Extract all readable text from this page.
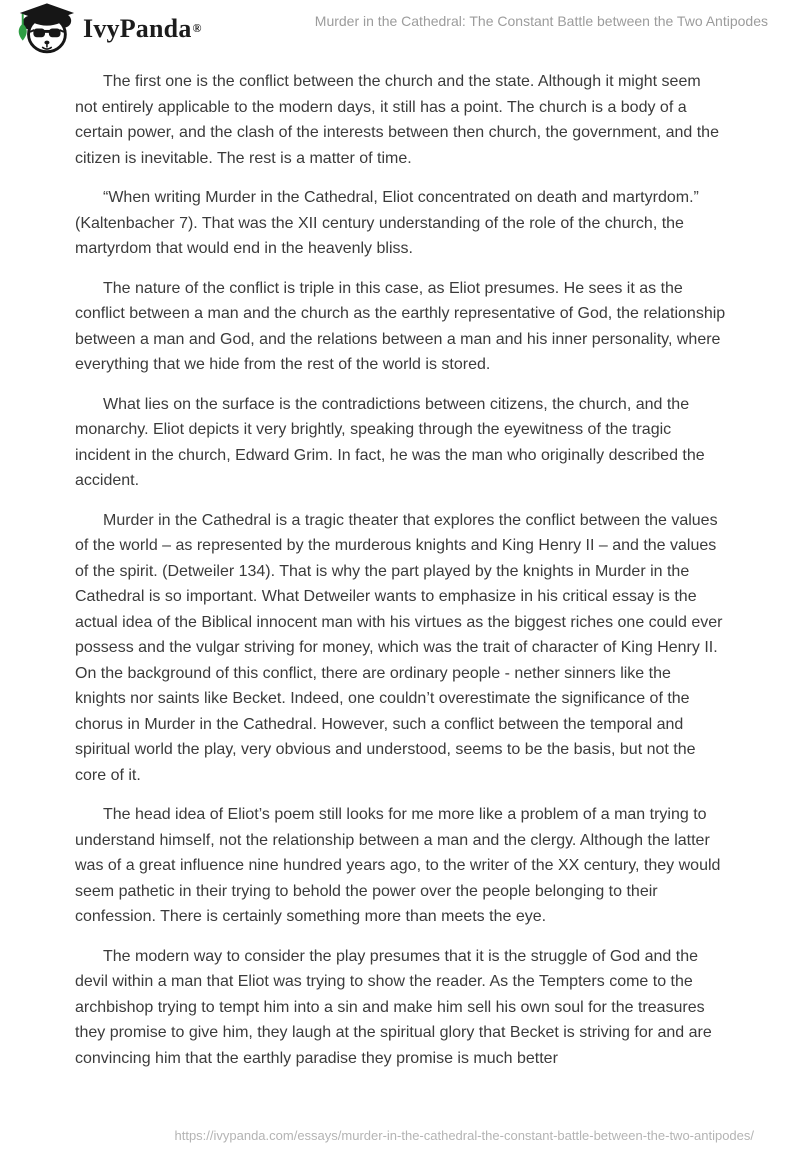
IvyPanda ®	Murder in the Cathedral: The Constant Battle between the Two Antipodes

The first one is the conflict between the church and the state. Although it might seem not entirely applicable to the modern days, it still has a point. The church is a body of a certain power, and the clash of the interests between then church, the government, and the citizen is inevitable. The rest is a matter of time.

“When writing Murder in the Cathedral, Eliot concentrated on death and martyrdom.” (Kaltenbacher 7). That was the XII century understanding of the role of the church, the martyrdom that would end in the heavenly bliss.

The nature of the conflict is triple in this case, as Eliot presumes. He sees it as the conflict between a man and the church as the earthly representative of God, the relationship between a man and God, and the relations between a man and his inner personality, where everything that we hide from the rest of the world is stored.

What lies on the surface is the contradictions between citizens, the church, and the monarchy. Eliot depicts it very brightly, speaking through the eyewitness of the tragic incident in the church, Edward Grim. In fact, he was the man who originally described the accident.

Murder in the Cathedral is a tragic theater that explores the conflict between the values of the world – as represented by the murderous knights and King Henry II – and the values of the spirit. (Detweiler 134). That is why the part played by the knights in Murder in the Cathedral is so important. What Detweiler wants to emphasize in his critical essay is the actual idea of the Biblical innocent man with his virtues as the biggest riches one could ever possess and the vulgar striving for money, which was the trait of character of King Henry II. On the background of this conflict, there are ordinary people - nether sinners like the knights nor saints like Becket. Indeed, one couldn’t overestimate the significance of the chorus in Murder in the Cathedral. However, such a conflict between the temporal and spiritual world the play, very obvious and understood, seems to be the basis, but not the core of it.

The head idea of Eliot’s poem still looks for me more like a problem of a man trying to understand himself, not the relationship between a man and the clergy. Although the latter was of a great influence nine hundred years ago, to the writer of the XX century, they would seem pathetic in their trying to behold the power over the people belonging to their confession. There is certainly something more than meets the eye.

The modern way to consider the play presumes that it is the struggle of God and the devil within a man that Eliot was trying to show the reader. As the Tempters come to the archbishop trying to tempt him into a sin and make him sell his own soul for the treasures they promise to give him, they laugh at the spiritual glory that Becket is striving for and are convincing him that the earthly paradise they promise is much better

https://ivypanda.com/essays/murder-in-the-cathedral-the-constant-battle-between-the-two-antipodes/
